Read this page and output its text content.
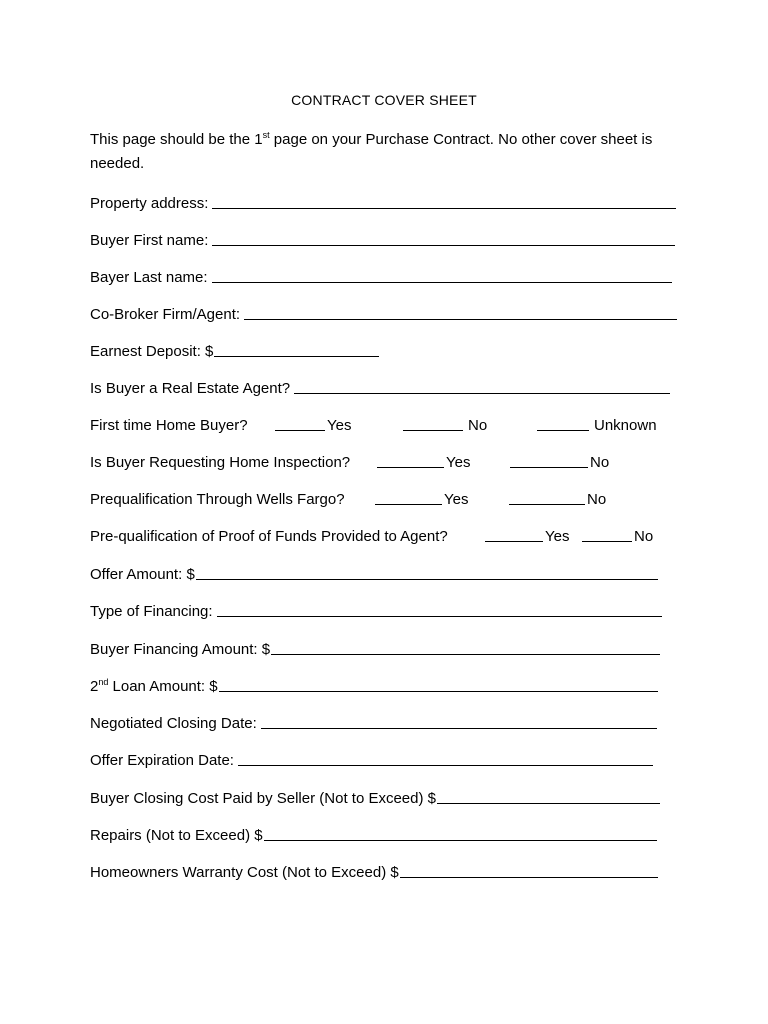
CONTRACT COVER SHEET
This page should be the 1st page on your Purchase Contract. No other cover sheet is needed.
Property address:
Buyer First name:
Bayer Last name:
Co-Broker Firm/Agent:
Earnest Deposit: $
Is Buyer a Real Estate Agent?
First time Home Buyer?	Yes	No	Unknown
Is Buyer Requesting Home Inspection?	Yes	No
Prequalification Through Wells Fargo?	Yes	No
Pre-qualification of Proof of Funds Provided to Agent?	Yes	No
Offer Amount: $
Type of Financing:
Buyer Financing Amount: $
2nd Loan Amount: $
Negotiated Closing Date:
Offer Expiration Date:
Buyer Closing Cost Paid by Seller (Not to Exceed) $
Repairs (Not to Exceed) $
Homeowners Warranty Cost (Not to Exceed) $
